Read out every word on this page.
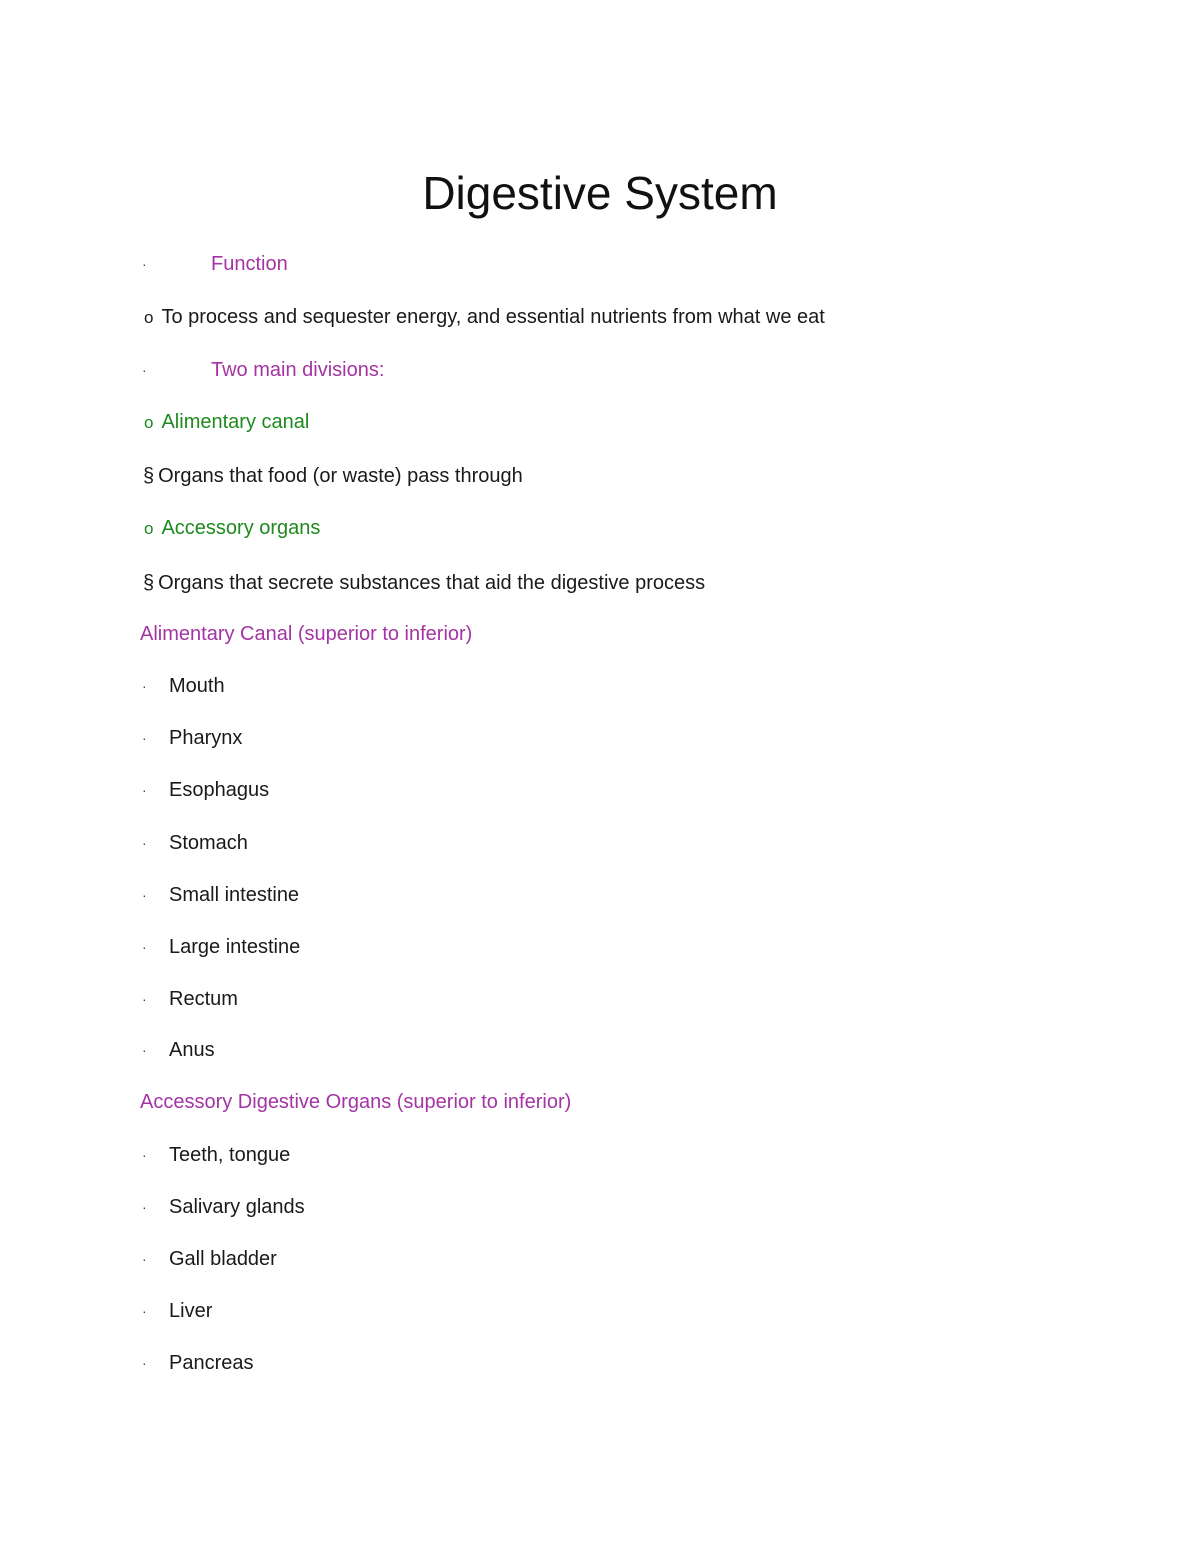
Digestive System
·	Function
o To process and sequester energy, and essential nutrients from what we eat
·	Two main divisions:
o Alimentary canal
§ Organs that food (or waste) pass through
o Accessory organs
§ Organs that secrete substances that aid the digestive process
Alimentary Canal (superior to inferior)
· Mouth
· Pharynx
· Esophagus
· Stomach
· Small intestine
· Large intestine
· Rectum
· Anus
Accessory Digestive Organs (superior to inferior)
· Teeth, tongue
· Salivary glands
· Gall bladder
· Liver
· Pancreas
